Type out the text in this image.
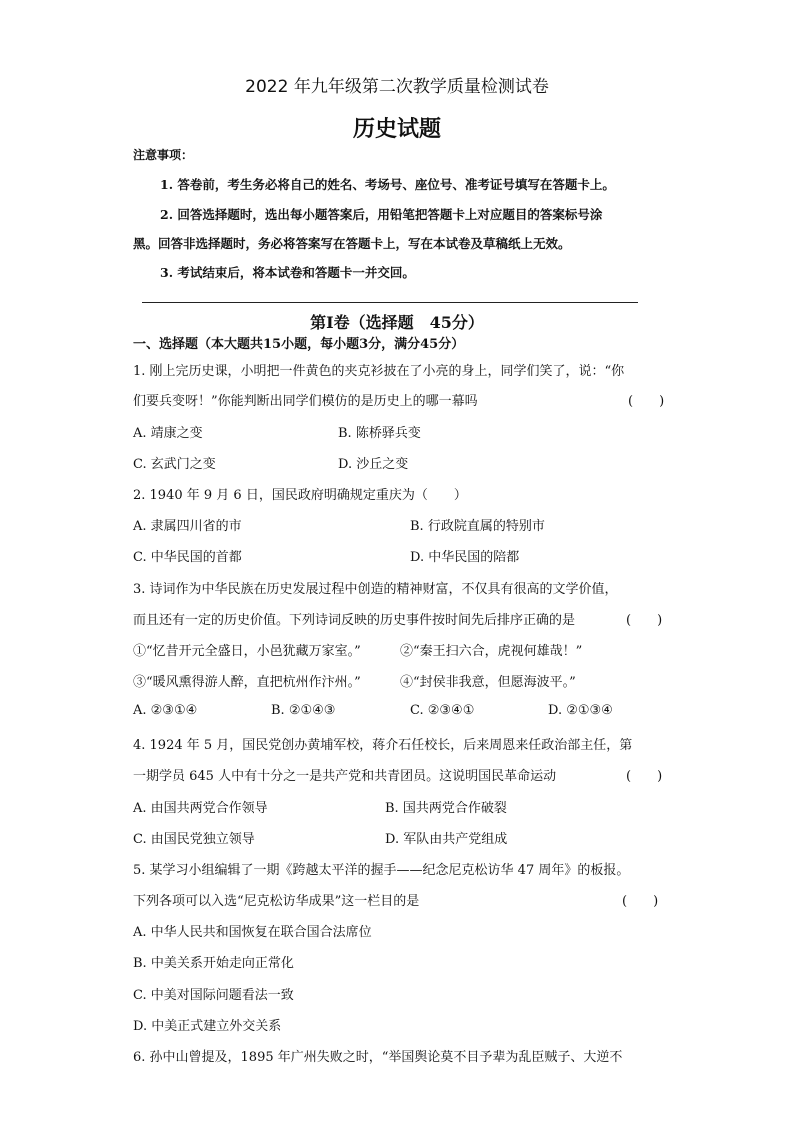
2022 年九年级第二次教学质量检测试卷
历史试题
注意事项：
1. 答卷前，考生务必将自己的姓名、考场号、座位号、准考证号填写在答题卡上。
2. 回答选择题时，选出每小题答案后，用铅笔把答题卡上对应题目的答案标号涂
黑。回答非选择题时，务必将答案写在答题卡上，写在本试卷及草稿纸上无效。
3. 考试结束后，将本试卷和答题卡一并交回。
第Ⅰ卷（选择题　45分）
一、选择题（本大题共15小题，每小题3分，满分45分）
1. 刚上完历史课，小明把一件黄色的夹克衫披在了小亮的身上，同学们笑了，说：“你
们要兵变呀！”你能判断出同学们模仿的是历史上的哪一幕吗	(　　)
A. 靖康之变	B. 陈桥驿兵变
C. 玄武门之变	D. 沙丘之变
2. 1940 年 9 月 6 日，国民政府明确规定重庆为（　　）
A. 隶属四川省的市	B. 行政院直属的特别市
C. 中华民国的首都	D. 中华民国的陪都
3. 诗词作为中华民族在历史发展过程中创造的精神财富，不仅具有很高的文学价值，
而且还有一定的历史价值。下列诗词反映的历史事件按时间先后排序正确的是	(　　)
①“忆昔开元全盛日，小邑犹藏万家室。”	②“秦王扫六合，虎视何雄哉！”
③“暖风熏得游人醉，直把杭州作汴州。”	④“封侯非我意，但愿海波平。”
A. ②③①④	B. ②①④③	C. ②③④①	D. ②①③④
4. 1924 年 5 月，国民党创办黄埔军校，蒋介石任校长，后来周恩来任政治部主任，第
一期学员 645 人中有十分之一是共产党和共青团员。这说明国民革命运动	(　　)
A. 由国共两党合作领导	B. 国共两党合作破裂
C. 由国民党独立领导	D. 军队由共产党组成
5. 某学习小组编辑了一期《跨越太平洋的握手——纪念尼克松访华 47 周年》的板报。
下列各项可以入选“尼克松访华成果”这一栏目的是	(　　)
A. 中华人民共和国恢复在联合国合法席位
B. 中美关系开始走向正常化
C. 中美对国际问题看法一致
D. 中美正式建立外交关系
6. 孙中山曾提及，1895 年广州失败之时，“举国舆论莫不目予辈为乱臣贼子、大逆不
